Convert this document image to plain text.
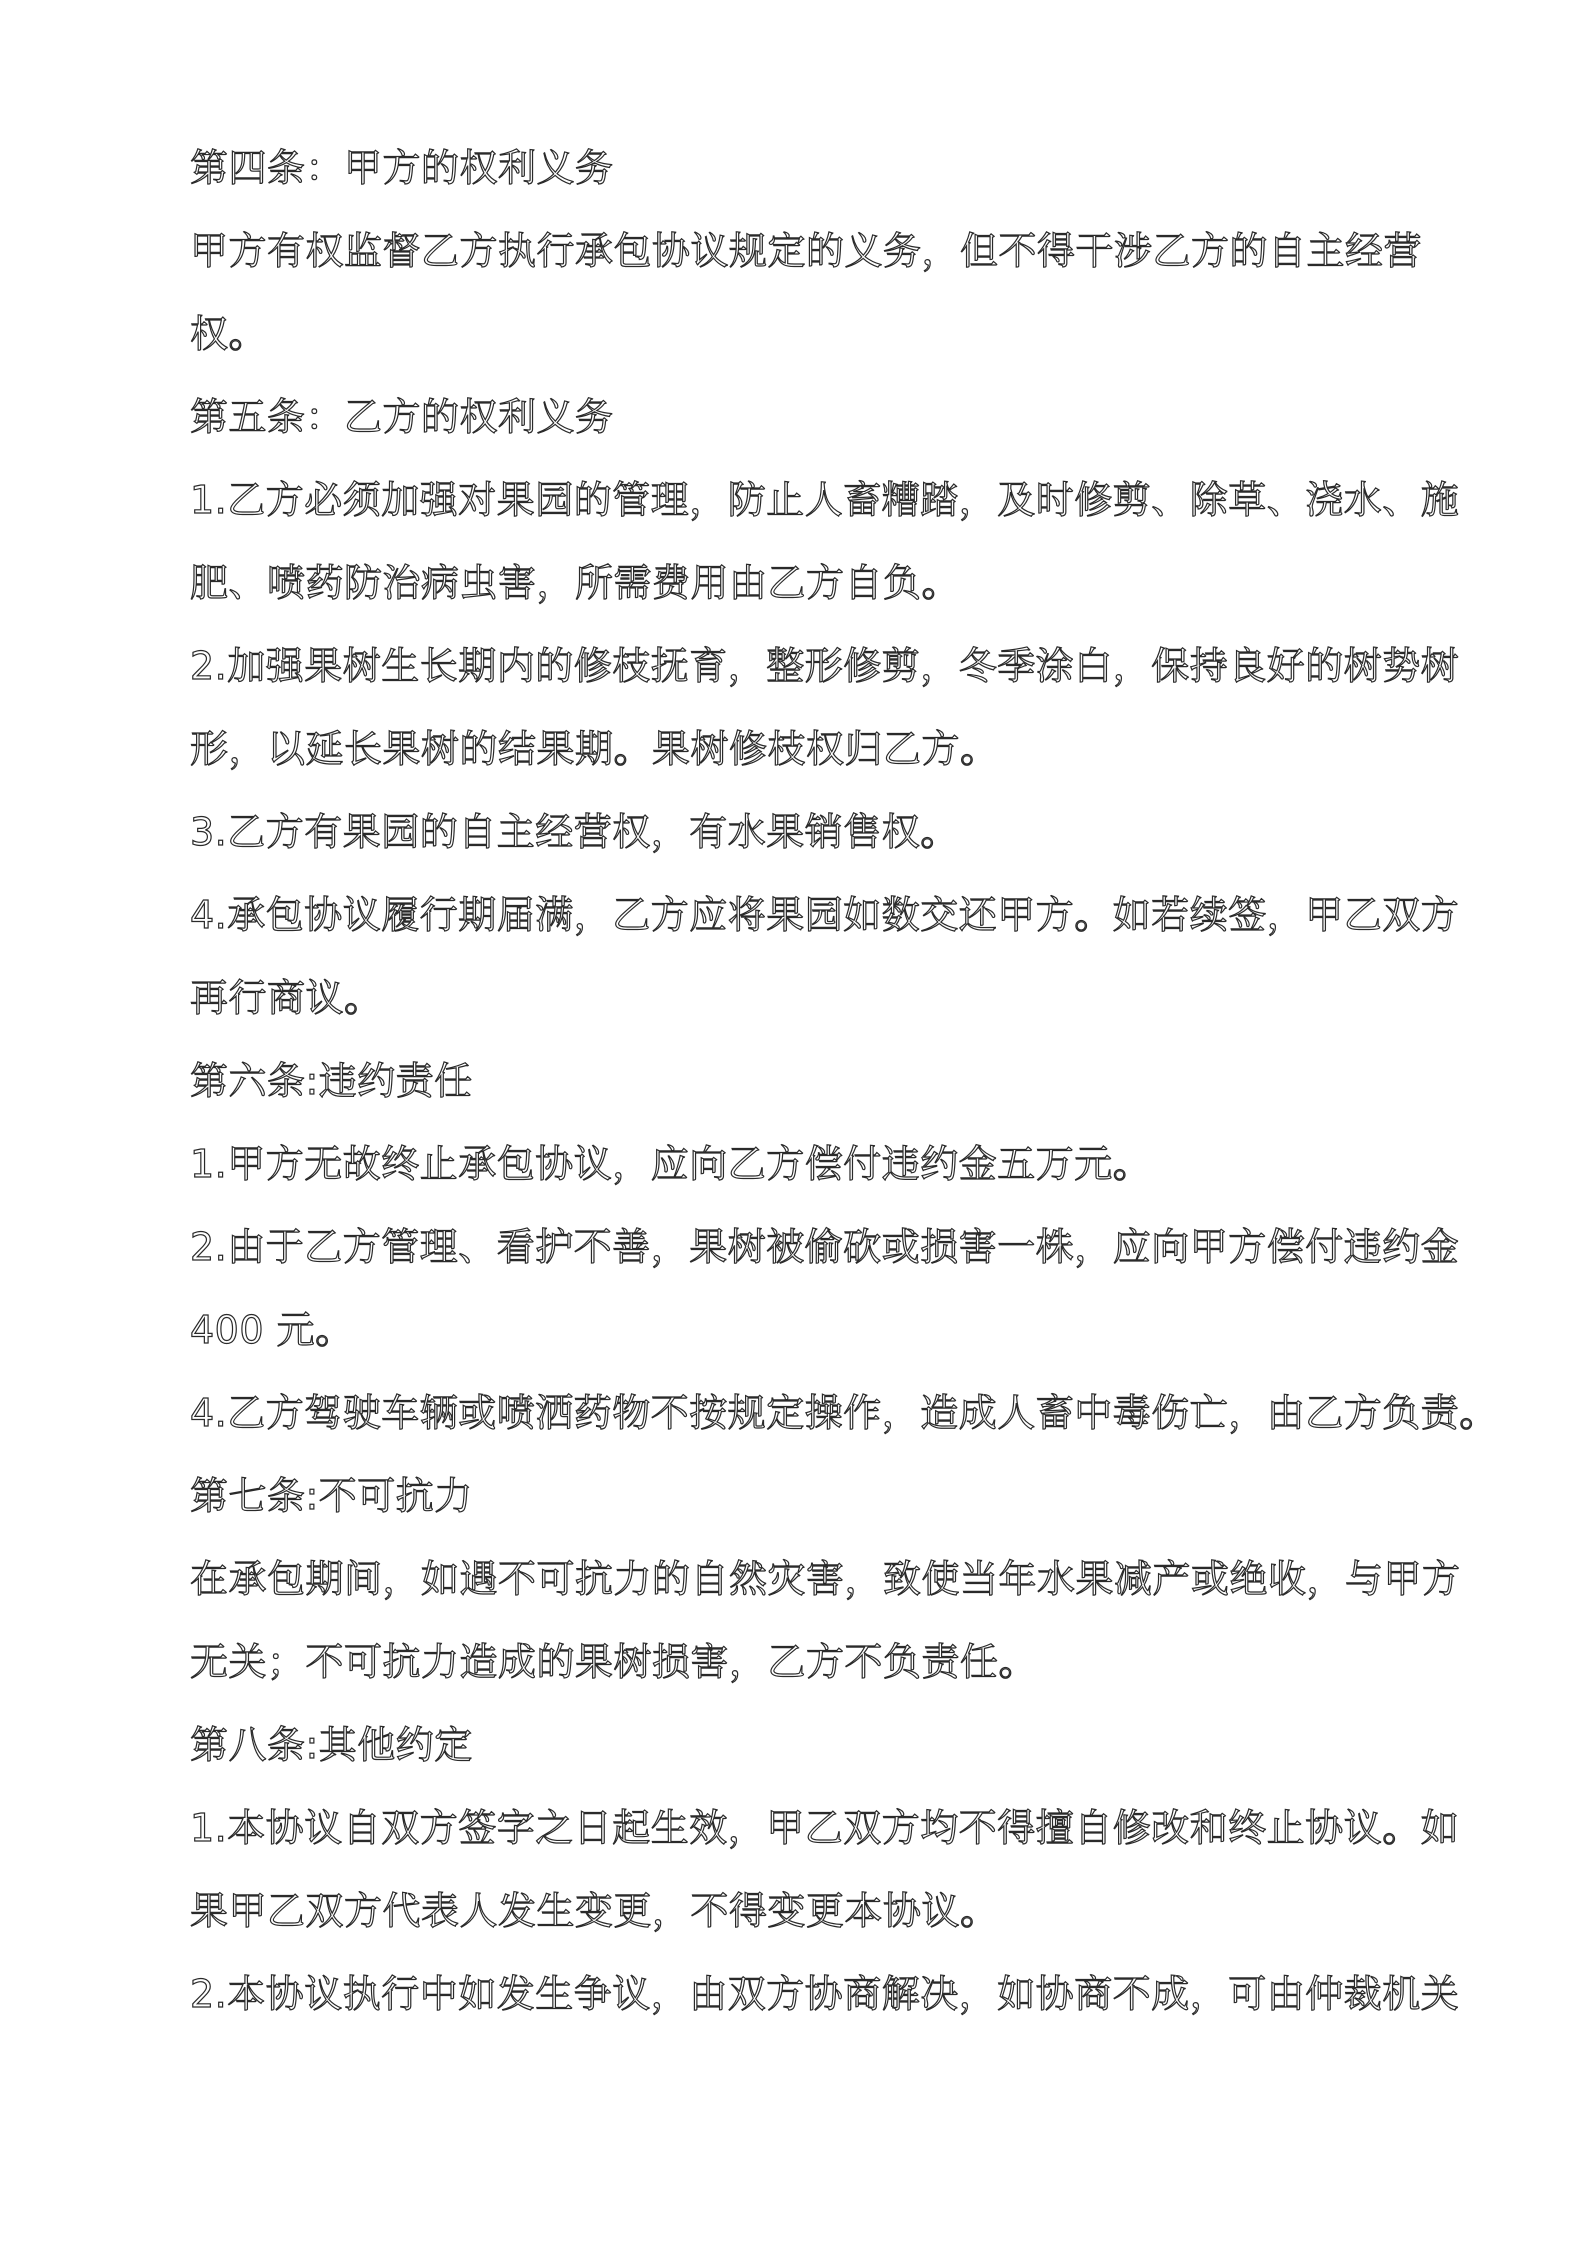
第四条：甲方的权利义务
甲方有权监督乙方执行承包协议规定的义务，但不得干涉乙方的自主经营
权。
第五条：乙方的权利义务
1.乙方必须加强对果园的管理，防止人畜糟踏，及时修剪、除草、浇水、施
肥、喷药防治病虫害，所需费用由乙方自负。
2.加强果树生长期内的修枝抚育，整形修剪，冬季涂白，保持良好的树势树
形，以延长果树的结果期。果树修枝权归乙方。
3.乙方有果园的自主经营权，有水果销售权。
4.承包协议履行期届满，乙方应将果园如数交还甲方。如若续签，甲乙双方
再行商议。
第六条:违约责任
1.甲方无故终止承包协议，应向乙方偿付违约金五万元。
2.由于乙方管理、看护不善，果树被偷砍或损害一株，应向甲方偿付违约金
400 元。
4.乙方驾驶车辆或喷洒药物不按规定操作，造成人畜中毒伤亡，由乙方负责。
第七条:不可抗力
在承包期间，如遇不可抗力的自然灾害，致使当年水果减产或绝收，与甲方
无关；不可抗力造成的果树损害，乙方不负责任。
第八条:其他约定
1.本协议自双方签字之日起生效，甲乙双方均不得擅自修改和终止协议。如
果甲乙双方代表人发生变更，不得变更本协议。
2.本协议执行中如发生争议，由双方协商解决，如协商不成，可由仲裁机关
